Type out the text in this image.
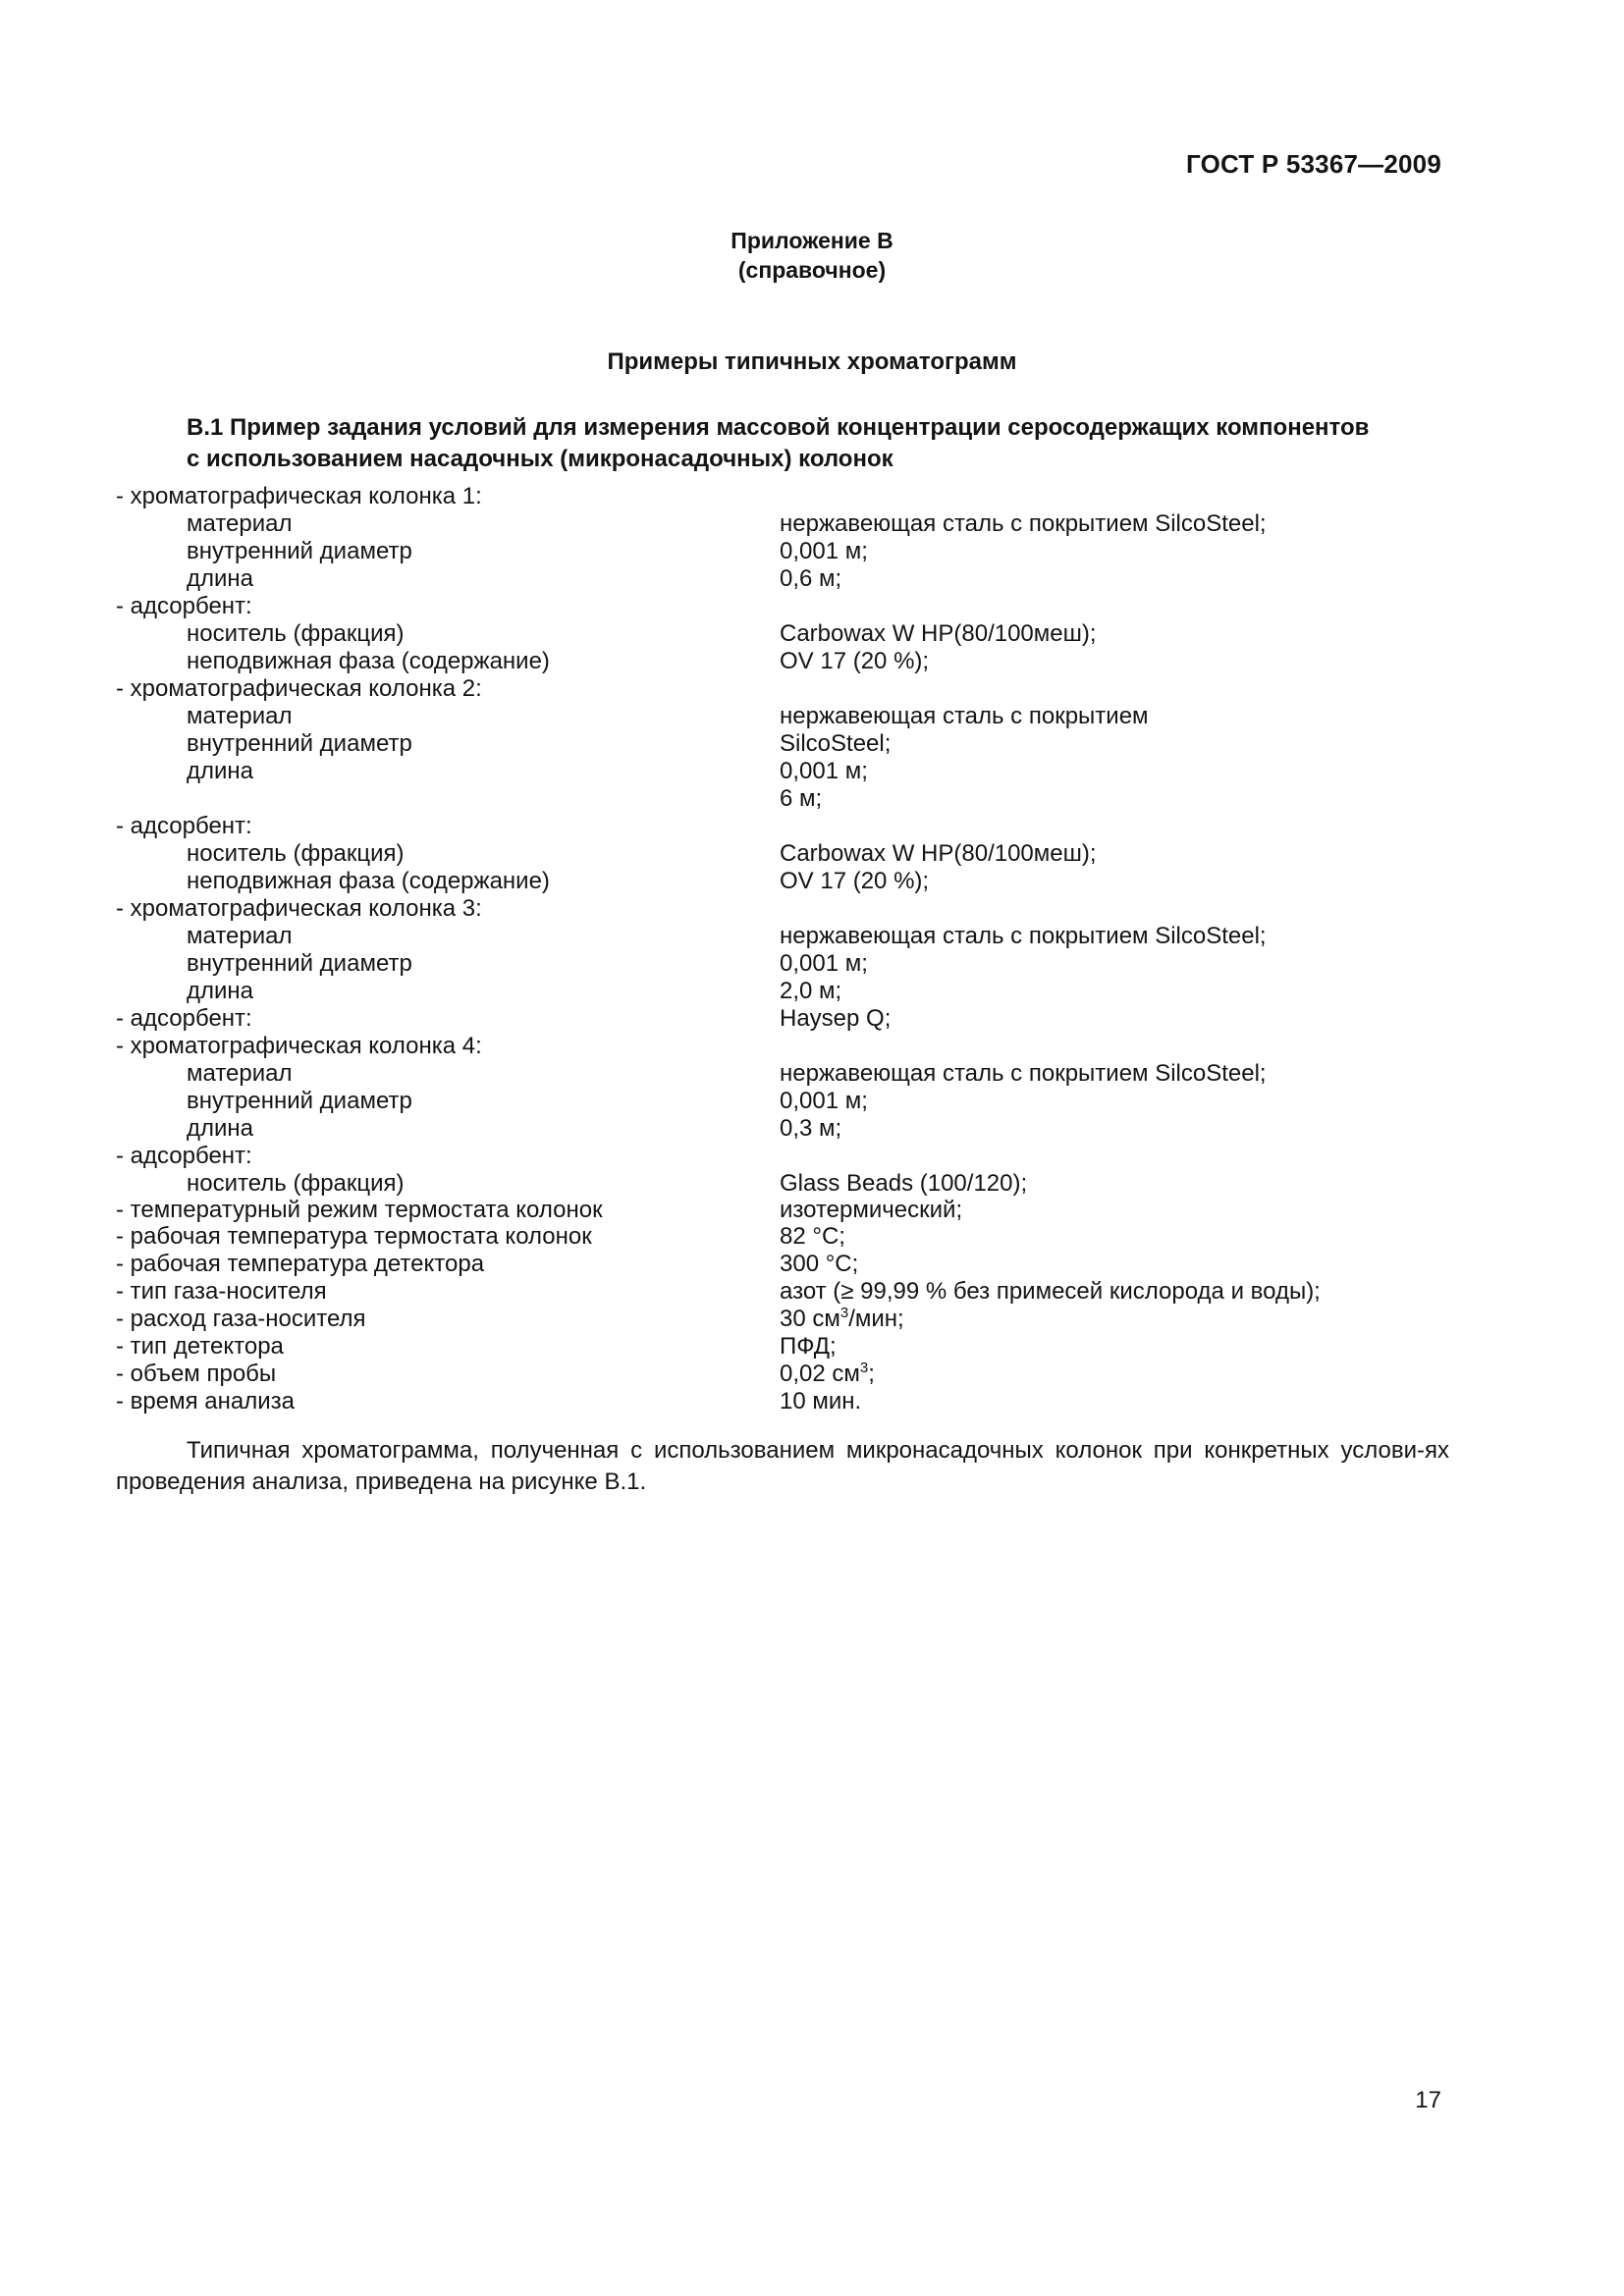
ГОСТ Р 53367—2009
Приложение В
(справочное)
Примеры типичных хроматограмм
В.1 Пример задания условий для измерения массовой концентрации серосодержащих компонентов
с использованием насадочных (микронасадочных) колонок
- хроматографическая колонка 1:
материал	нержавеющая сталь с покрытием SilcoSteel;
внутренний диаметр	0,001 м;
длина	0,6 м;
- адсорбент:
носитель (фракция)	Carbowax W HP(80/100меш);
неподвижная фаза (содержание)	OV 17 (20 %);
- хроматографическая колонка 2:
материал	нержавеющая сталь с покрытием
внутренний диаметр	SilcoSteel;
длина	0,001 м;
6 м;
- адсорбент:
носитель (фракция)	Carbowax W HP(80/100меш);
неподвижная фаза (содержание)	OV 17 (20 %);
- хроматографическая колонка 3:
материал	нержавеющая сталь с покрытием SilcoSteel;
внутренний диаметр	0,001 м;
длина	2,0 м;
- адсорбент:	Haysep Q;
- хроматографическая колонка 4:
материал	нержавеющая сталь с покрытием SilcoSteel;
внутренний диаметр	0,001 м;
длина	0,3 м;
- адсорбент:
носитель (фракция)	Glass Beads (100/120);
- температурный режим термостата колонок	изотермический;
- рабочая температура термостата колонок	82 °С;
- рабочая температура детектора	300 °С;
- тип газа-носителя	азот (≥ 99,99 % без примесей кислорода и воды);
- расход газа-носителя	30 $см^3$/мин;
- тип детектора	ПФД;
- объем пробы	0,02 $см^3$;
- время анализа	10 мин.
Типичная хроматограмма, полученная с использованием микронасадочных колонок при конкретных услови-ях проведения анализа, приведена на рисунке В.1.
17
